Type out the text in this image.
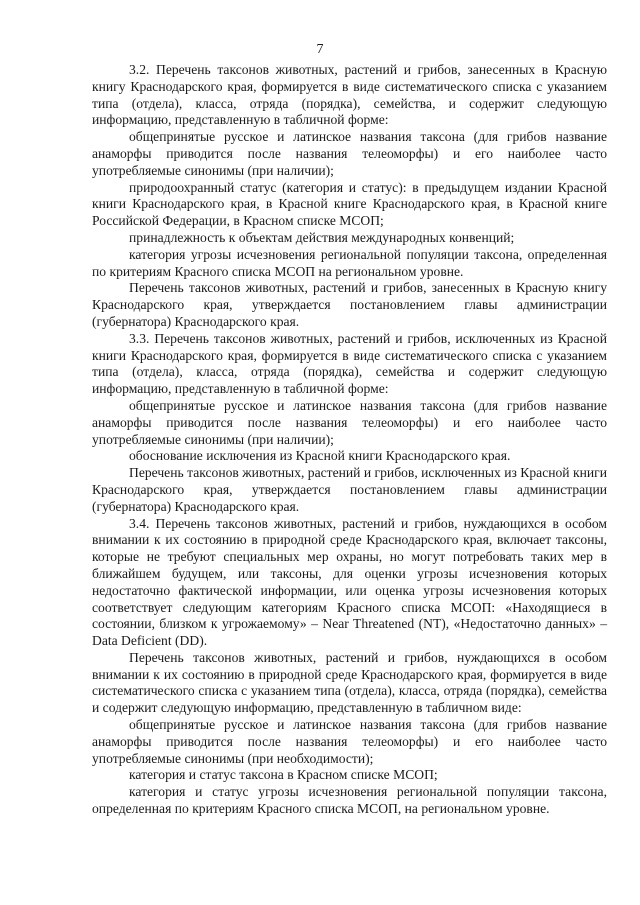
7

3.2. Перечень таксонов животных, растений и грибов, занесенных в Красную книгу Краснодарского края, формируется в виде систематического списка с указанием типа (отдела), класса, отряда (порядка), семейства, и содержит следующую информацию, представленную в табличной форме:

общепринятые русское и латинское названия таксона (для грибов название анаморфы приводится после названия телеоморфы) и его наиболее часто употребляемые синонимы (при наличии);

природоохранный статус (категория и статус): в предыдущем издании Красной книги Краснодарского края, в Красной книге Краснодарского края, в Красной книге Российской Федерации, в Красном списке МСОП;

принадлежность к объектам действия международных конвенций;

категория угрозы исчезновения региональной популяции таксона, определенная по критериям Красного списка МСОП на региональном уровне.

Перечень таксонов животных, растений и грибов, занесенных в Красную книгу Краснодарского края, утверждается постановлением главы администрации (губернатора) Краснодарского края.

3.3. Перечень таксонов животных, растений и грибов, исключенных из Красной книги Краснодарского края, формируется в виде систематического списка с указанием типа (отдела), класса, отряда (порядка), семейства и содержит следующую информацию, представленную в табличной форме:

общепринятые русское и латинское названия таксона (для грибов название анаморфы приводится после названия телеоморфы) и его наиболее часто употребляемые синонимы (при наличии);

обоснование исключения из Красной книги Краснодарского края.

Перечень таксонов животных, растений и грибов, исключенных из Красной книги Краснодарского края, утверждается постановлением главы администрации (губернатора) Краснодарского края.

3.4. Перечень таксонов животных, растений и грибов, нуждающихся в особом внимании к их состоянию в природной среде Краснодарского края, включает таксоны, которые не требуют специальных мер охраны, но могут потребовать таких мер в ближайшем будущем, или таксоны, для оценки угрозы исчезновения которых недостаточно фактической информации, или оценка угрозы исчезновения которых соответствует следующим категориям Красного списка МСОП: «Находящиеся в состоянии, близком к угрожаемому» – Near Threatened (NT), «Недостаточно данных» – Data Deficient (DD).

Перечень таксонов животных, растений и грибов, нуждающихся в особом внимании к их состоянию в природной среде Краснодарского края, формируется в виде систематического списка с указанием типа (отдела), класса, отряда (порядка), семейства и содержит следующую информацию, представленную в табличном виде:

общепринятые русское и латинское названия таксона (для грибов название анаморфы приводится после названия телеоморфы) и его наиболее часто употребляемые синонимы (при необходимости);

категория и статус таксона в Красном списке МСОП;

категория и статус угрозы исчезновения региональной популяции таксона, определенная по критериям Красного списка МСОП, на региональном уровне.
